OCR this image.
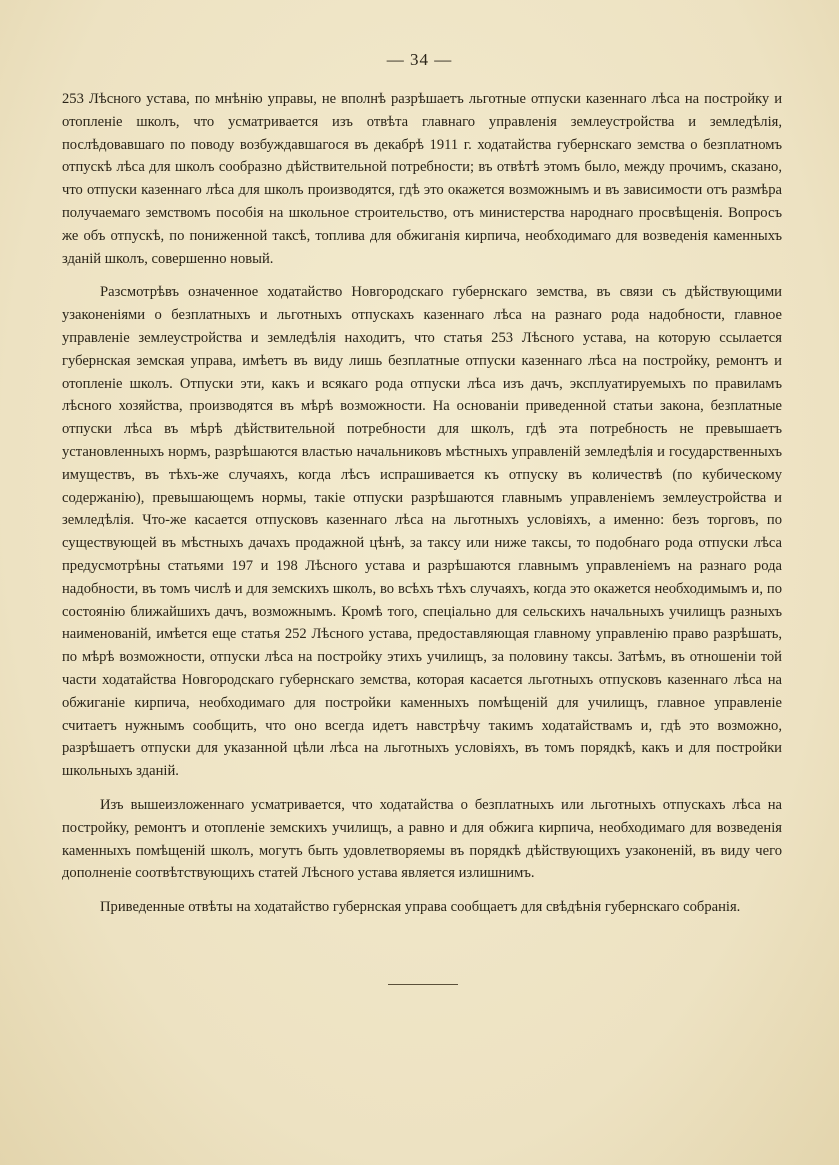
— 34 —

253 Лѣсного устава, по мнѣнію управы, не вполнѣ разрѣшаетъ льготные отпуски казеннаго лѣса на постройку и отопленіе школъ, что усматривается изъ отвѣта главнаго управленія землеустройства и земледѣлія, послѣдовавшаго по поводу возбуждавшагося въ декабрѣ 1911 г. ходатайства губернскаго земства о безплатномъ отпускѣ лѣса для школъ сообразно дѣйствительной потребности; въ отвѣтѣ этомъ было, между прочимъ, сказано, что отпуски казеннаго лѣса для школъ производятся, гдѣ это окажется возможнымъ и въ зависимости отъ размѣра получаемаго земствомъ пособія на школьное строительство, отъ министерства народнаго просвѣщенія. Вопросъ же объ отпускѣ, по пониженной таксѣ, топлива для обжиганія кирпича, необходимаго для возведенія каменныхъ зданій школъ, совершенно новый.

Разсмотрѣвъ означенное ходатайство Новгородскаго губернскаго земства, въ связи съ дѣйствующими узаконеніями о безплатныхъ и льготныхъ отпускахъ казеннаго лѣса на разнаго рода надобности, главное управленіе землеустройства и земледѣлія находитъ, что статья 253 Лѣсного устава, на которую ссылается губернская земская управа, имѣетъ въ виду лишь безплатные отпуски казеннаго лѣса на постройку, ремонтъ и отопленіе школъ. Отпуски эти, какъ и всякаго рода отпуски лѣса изъ дачъ, эксплуатируемыхъ по правиламъ лѣсного хозяйства, производятся въ мѣрѣ возможности. На основаніи приведенной статьи закона, безплатные отпуски лѣса въ мѣрѣ дѣйствительной потребности для школъ, гдѣ эта потребность не превышаетъ установленныхъ нормъ, разрѣшаются властью начальниковъ мѣстныхъ управленій земледѣлія и государственныхъ имуществъ, въ тѣхъ-же случаяхъ, когда лѣсъ испрашивается къ отпуску въ количествѣ (по кубическому содержанію), превышающемъ нормы, такіе отпуски разрѣшаются главнымъ управленіемъ землеустройства и земледѣлія. Что-же касается отпусковъ казеннаго лѣса на льготныхъ условіяхъ, а именно: безъ торговъ, по существующей въ мѣстныхъ дачахъ продажной цѣнѣ, за таксу или ниже таксы, то подобнаго рода отпуски лѣса предусмотрѣны статьями 197 и 198 Лѣсного устава и разрѣшаются главнымъ управленіемъ на разнаго рода надобности, въ томъ числѣ и для земскихъ школъ, во всѣхъ тѣхъ случаяхъ, когда это окажется необходимымъ и, по состоянію ближайшихъ дачъ, возможнымъ. Кромѣ того, спеціально для сельскихъ начальныхъ училищъ разныхъ наименованій, имѣется еще статья 252 Лѣсного устава, предоставляющая главному управленію право разрѣшать, по мѣрѣ возможности, отпуски лѣса на постройку этихъ училищъ, за половину таксы. Затѣмъ, въ отношеніи той части ходатайства Новгородскаго губернскаго земства, которая касается льготныхъ отпусковъ казеннаго лѣса на обжиганіе кирпича, необходимаго для постройки каменныхъ помѣщеній для училищъ, главное управленіе считаетъ нужнымъ сообщить, что оно всегда идетъ навстрѣчу такимъ ходатайствамъ и, гдѣ это возможно, разрѣшаетъ отпуски для указанной цѣли лѣса на льготныхъ условіяхъ, въ томъ порядкѣ, какъ и для постройки школьныхъ зданій.

Изъ вышеизложеннаго усматривается, что ходатайства о безплатныхъ или льготныхъ отпускахъ лѣса на постройку, ремонтъ и отопленіе земскихъ училищъ, а равно и для обжига кирпича, необходимаго для возведенія каменныхъ помѣщеній школъ, могутъ быть удовлетворяемы въ порядкѣ дѣйствующихъ узаконеній, въ виду чего дополненіе соотвѣтствующихъ статей Лѣсного устава является излишнимъ.

Приведенные отвѣты на ходатайство губернская управа сообщаетъ для свѣдѣнія губернскаго собранія.
